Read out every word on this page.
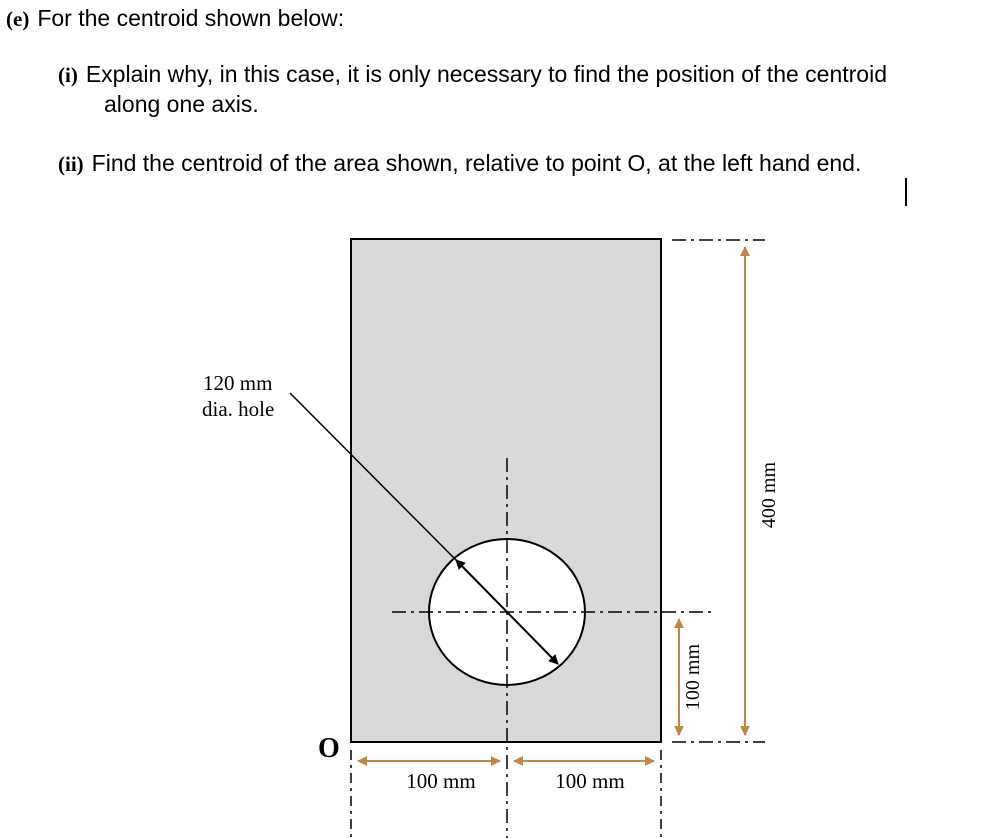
(e) For the centroid shown below:
(i) Explain why, in this case, it is only necessary to find the position of the centroid
along one axis.
(ii) Find the centroid of the area shown, relative to point O, at the left hand end.
120 mm
dia. hole
400 mm
100 mm
100 mm	100 mm
O
